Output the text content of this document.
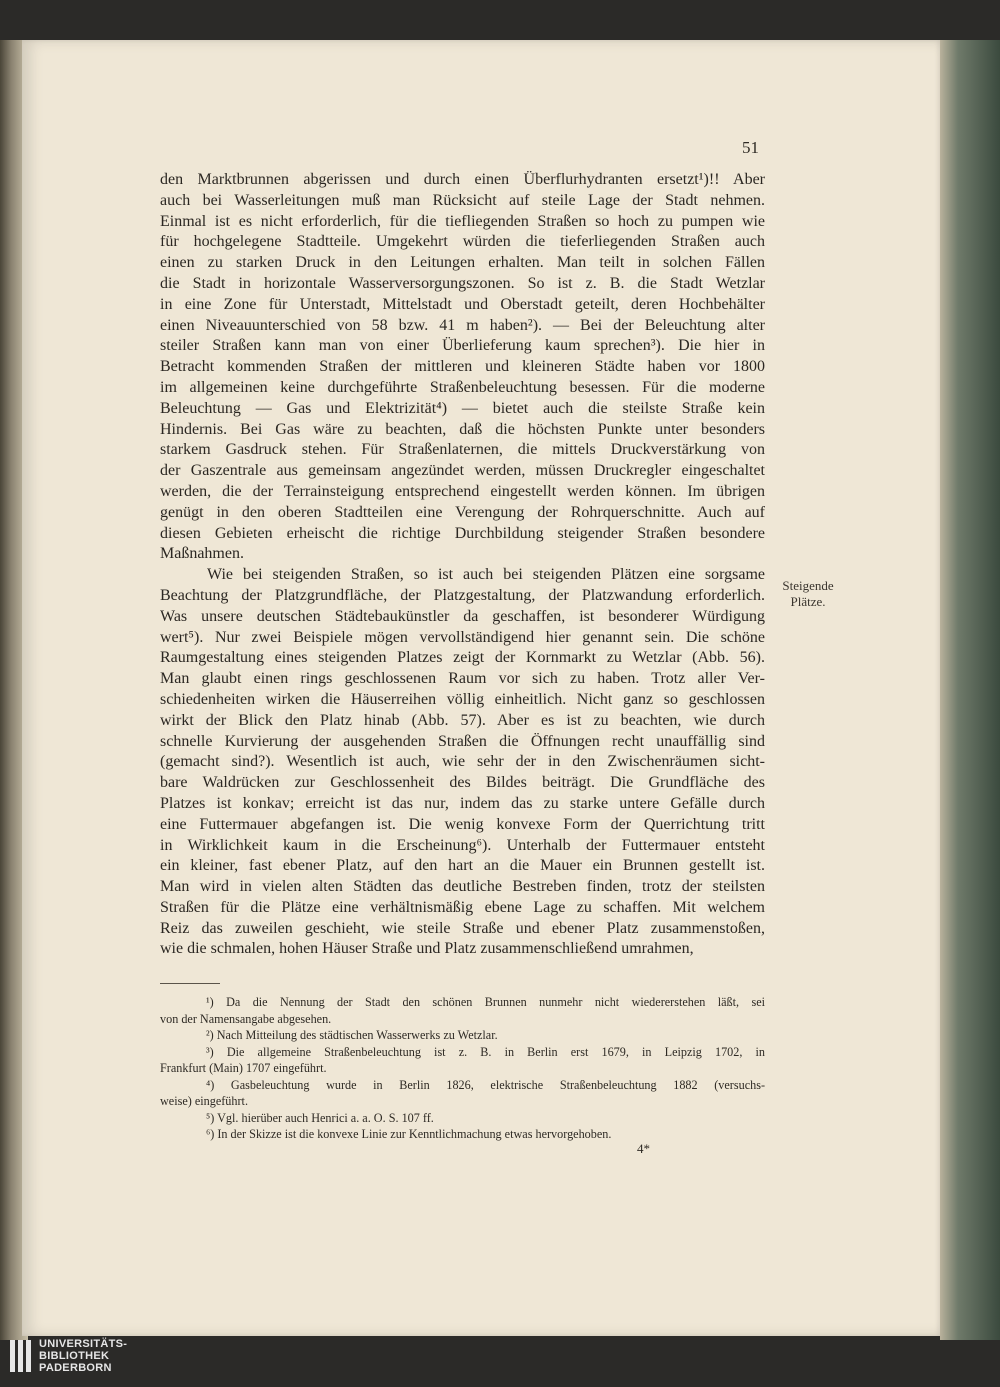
51
den Marktbrunnen abgerissen und durch einen Überflurhydranten ersetzt¹)!! Aber
auch bei Wasserleitungen muß man Rücksicht auf steile Lage der Stadt nehmen.
Einmal ist es nicht erforderlich, für die tiefliegenden Straßen so hoch zu pumpen wie
für hochgelegene Stadtteile. Umgekehrt würden die tieferliegenden Straßen auch
einen zu starken Druck in den Leitungen erhalten. Man teilt in solchen Fällen
die Stadt in horizontale Wasserversorgungszonen. So ist z. B. die Stadt Wetzlar
in eine Zone für Unterstadt, Mittelstadt und Oberstadt geteilt, deren Hochbehälter
einen Niveauunterschied von 58 bzw. 41 m haben²). — Bei der Beleuchtung alter
steiler Straßen kann man von einer Überlieferung kaum sprechen³). Die hier in
Betracht kommenden Straßen der mittleren und kleineren Städte haben vor 1800
im allgemeinen keine durchgeführte Straßenbeleuchtung besessen. Für die moderne
Beleuchtung — Gas und Elektrizität⁴) — bietet auch die steilste Straße kein
Hindernis. Bei Gas wäre zu beachten, daß die höchsten Punkte unter besonders
starkem Gasdruck stehen. Für Straßenlaternen, die mittels Druckverstärkung von
der Gaszentrale aus gemeinsam angezündet werden, müssen Druckregler eingeschaltet
werden, die der Terrainsteigung entsprechend eingestellt werden können. Im übrigen
genügt in den oberen Stadtteilen eine Verengung der Rohrquerschnitte. Auch auf
diesen Gebieten erheischt die richtige Durchbildung steigender Straßen besondere
Maßnahmen.
Wie bei steigenden Straßen, so ist auch bei steigenden Plätzen eine sorgsame
Beachtung der Platzgrundfläche, der Platzgestaltung, der Platzwandung erforderlich.
Was unsere deutschen Städtebaukünstler da geschaffen, ist besonderer Würdigung
wert⁵). Nur zwei Beispiele mögen vervollständigend hier genannt sein. Die schöne
Raumgestaltung eines steigenden Platzes zeigt der Kornmarkt zu Wetzlar (Abb. 56).
Man glaubt einen rings geschlossenen Raum vor sich zu haben. Trotz aller Ver-
schiedenheiten wirken die Häuserreihen völlig einheitlich. Nicht ganz so geschlossen
wirkt der Blick den Platz hinab (Abb. 57). Aber es ist zu beachten, wie durch
schnelle Kurvierung der ausgehenden Straßen die Öffnungen recht unauffällig sind
(gemacht sind?). Wesentlich ist auch, wie sehr der in den Zwischenräumen sicht-
bare Waldrücken zur Geschlossenheit des Bildes beiträgt. Die Grundfläche des
Platzes ist konkav; erreicht ist das nur, indem das zu starke untere Gefälle durch
eine Futtermauer abgefangen ist. Die wenig konvexe Form der Querrichtung tritt
in Wirklichkeit kaum in die Erscheinung⁶). Unterhalb der Futtermauer entsteht
ein kleiner, fast ebener Platz, auf den hart an die Mauer ein Brunnen gestellt ist.
Man wird in vielen alten Städten das deutliche Bestreben finden, trotz der steilsten
Straßen für die Plätze eine verhältnismäßig ebene Lage zu schaffen. Mit welchem
Reiz das zuweilen geschieht, wie steile Straße und ebener Platz zusammenstoßen,
wie die schmalen, hohen Häuser Straße und Platz zusammenschließend umrahmen,
Steigende
Plätze.
¹) Da die Nennung der Stadt den schönen Brunnen nunmehr nicht wiedererstehen läßt, sei
von der Namensangabe abgesehen.
²) Nach Mitteilung des städtischen Wasserwerks zu Wetzlar.
³) Die allgemeine Straßenbeleuchtung ist z. B. in Berlin erst 1679, in Leipzig 1702, in
Frankfurt (Main) 1707 eingeführt.
⁴) Gasbeleuchtung wurde in Berlin 1826, elektrische Straßenbeleuchtung 1882 (versuchs-
weise) eingeführt.
⁵) Vgl. hierüber auch Henrici a. a. O. S. 107 ff.
⁶) In der Skizze ist die konvexe Linie zur Kenntlichmachung etwas hervorgehoben.
4*
UNIVERSITÄTS-
BIBLIOTHEK
PADERBORN
